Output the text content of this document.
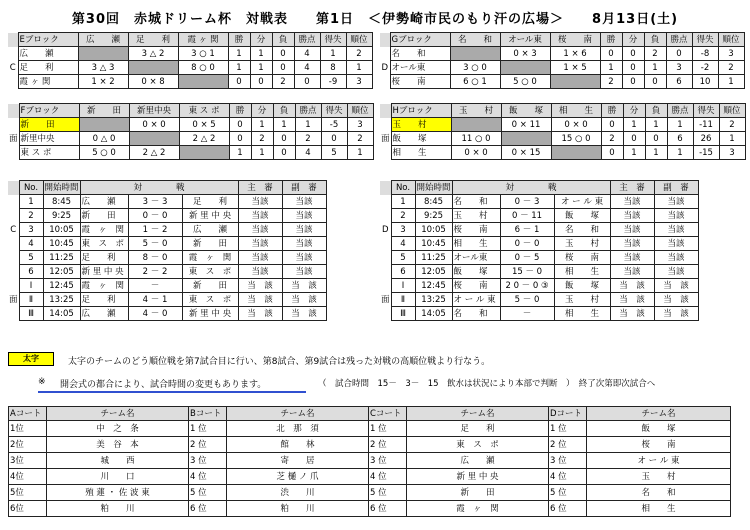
第30回　赤城ドリーム杯　対戦表　　第1日　＜伊勢崎市民のもり汗の広場＞　　8月13日(土)
	Eブロック	広　　瀬	足　　利	霞 ヶ 関	勝	分	負	勝点	得失	順位
	広　　瀬		3 △ 2	3 ○ 1	1	1	0	4	1	2
C	足　　利	3 △ 3		8 ○ 0	1	1	0	4	8	1
	霞 ヶ 関	1 × 2	0 × 8		0	0	2	0	-9	3
	Fブロック	新　　田	新里中央	東 ス ポ	勝	分	負	勝点	得失	順位
	新　　田		0 × 0	0 × 5	0	1	1	1	-5	3
面	新里中央	0 △ 0		2 △ 2	0	2	0	2	0	2
	東 ス ポ	5 ○ 0	2 △ 2		1	1	0	4	5	1
	Gブロック	名　　和	オール東	桜　　南	勝	分	負	勝点	得失	順位
	名　　和		0 × 3	1 × 6	0	0	2	0	-8	3
D	オール東	3 ○ 0		1 × 5	1	0	1	3	-2	2
	桜　　南	6 ○ 1	5 ○ 0		2	0	0	6	10	1
	Hブロック	玉　　村	飯　　塚	相　　生	勝	分	負	勝点	得失	順位
	玉　　村		0 × 11	0 × 0	0	1	1	1	-11	2
面	飯　　塚	11 ○ 0		15 ○ 0	2	0	0	6	26	1
	相　　生	0 × 0	0 × 15		0	1	1	1	-15	3
	No.	開始時間	対　　　　戦			主　審	副　審
	1	8:45	広　　瀬	3 － 3	足　　利	当該	当該
	2	9:25	新　　田	0 － 0	新 里 中 央	当該	当該
C	3	10:05	霞　ヶ　関	1 － 2	広　　瀬	当該	当該
	4	10:45	東　ス　ポ	5 － 0	新　　田	当該	当該
	5	11:25	足　　利	8 － 0	霞　ヶ　関	当該	当該
	6	12:05	新 里 中 央	2 － 2	東　ス　ポ	当該	当該
	Ⅰ	12:45	霞　ヶ　関	－	新　　田	当　該	当　該
面	Ⅱ	13:25	足　　利	4 － 1	東　ス　ポ	当　該	当　該
	Ⅲ	14:05	広　　瀬	4 － 0	新 里 中 央	当　該	当　該
	No.	開始時間	対　　　　戦			主　審	副　審
	1	8:45	名　　和	0 － 3	オ ー ル 東	当該	当該
	2	9:25	玉　　村	0 － 11	飯　　塚	当該	当該
D	3	10:05	桜　　南	6 － 1	名　　和	当該	当該
	4	10:45	相　　生	0 － 0	玉　　村	当該	当該
	5	11:25	オール東	0 － 5	桜　　南	当該	当該
	6	12:05	飯　　塚	15 － 0	相　　生	当該	当該
	Ⅰ	12:45	桜　　南	2 0 － 0 ③	飯　　塚	当　該	当　該
面	Ⅱ	13:25	オ ー ル 東	5 － 0	玉　　村	当　該	当　該
	Ⅲ	14:05	名　　和	－	相　　生	当　該	当　該
Aコート	チーム名	Bコート	チーム名	Cコート	チーム名	Dコート	チーム名
1位	中　之　条	1 位	北　那　須	1 位	足　　利	1 位	飯　　塚
2位	美　谷　本	2 位	館　　林	2 位	東　ス　ポ	2 位	桜　　南
3位	城　　西	3 位	寄　　居	3 位	広　　瀬	3 位	オ ー ル 東
4位	川　　口	4 位	芝 樋 ノ 爪	4 位	新 里 中 央	4 位	玉　　村
5位	殖 蓮 ・ 佐 波 東	5 位	渋　　川	5 位	新　　田	5 位	名　　和
6位	粕　　川	6 位	粕　　川	6 位	霞　ヶ　関	6 位	相　　生
太字	太字のチームのどう順位戦を第7試合目に行い、第8試合、第9試合は残った対戦の高順位戦より行なう。
※ 開会式の都合により、試合時間の変更もあります。	（　試合時間　15－　3－　15　飲水は状況により本部で判断　）　終了次第即次試合へ
